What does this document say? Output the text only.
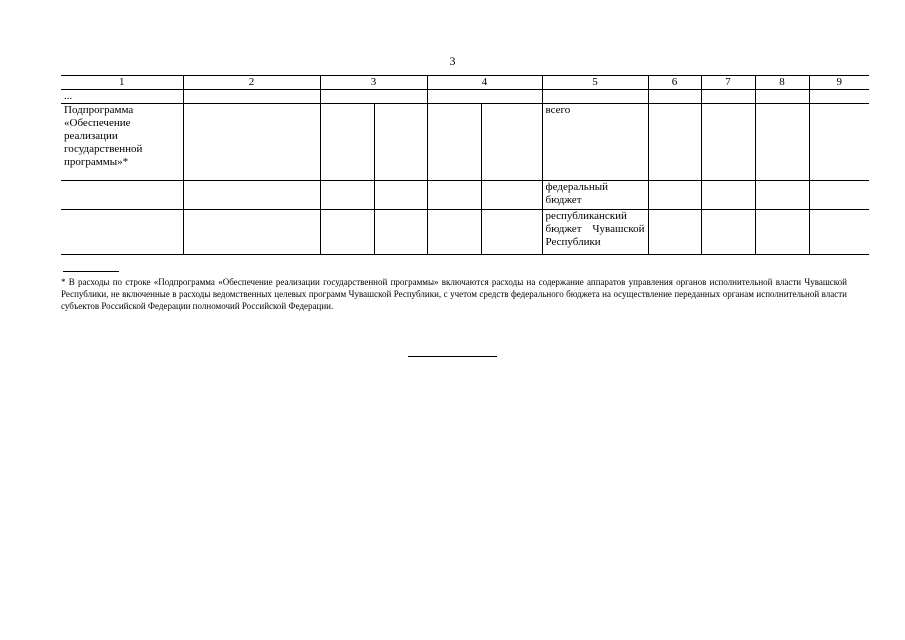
3
1	2	3		4		5	6	7	8	9
...										
Подпрограмма «Обеспечение реализации государственной программы»*						всего				
						федеральный бюджет				
						республиканский бюджет Чувашской Республики				
* В расходы по строке «Подпрограмма «Обеспечение реализации государственной программы» включаются расходы на содержание аппаратов управления органов исполнительной власти Чувашской Республики, не включенные в расходы ведомственных целевых программ Чувашской Республики, с учетом средств федерального бюджета на осуществление переданных органам исполнительной власти субъектов Российской Федерации полномочий Российской Федерации.
